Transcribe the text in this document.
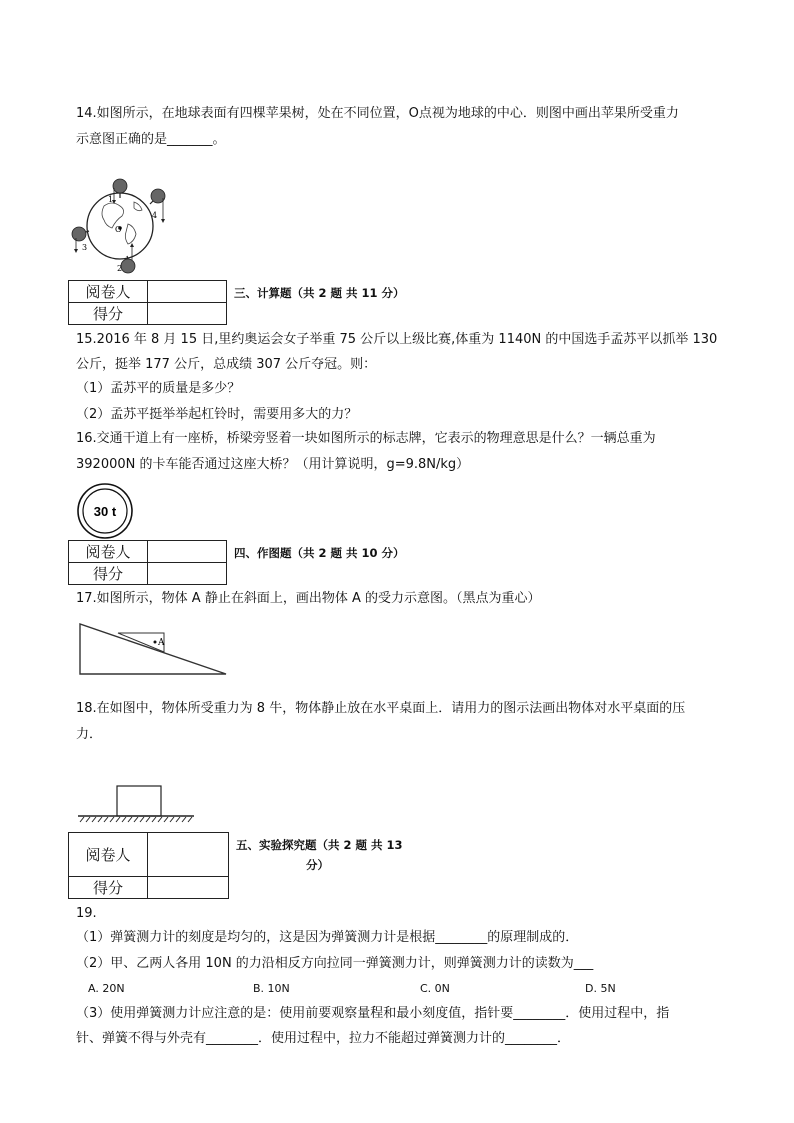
14.如图所示，在地球表面有四棵苹果树，处在不同位置，O点视为地球的中心．则图中画出苹果所受重力
示意图正确的是_______。
O
1
4
3
2
阅卷人	
得分	
三、计算题（共 2 题 共 11 分）
15.2016 年 8 月 15 日,里约奥运会女子举重 75 公斤以上级比赛,体重为 1140N 的中国选手孟苏平以抓举 130
公斤，挺举 177 公斤，总成绩 307 公斤夺冠。则：
（1）孟苏平的质量是多少？
（2）孟苏平挺举举起杠铃时，需要用多大的力？
16.交通干道上有一座桥，桥梁旁竖着一块如图所示的标志牌，它表示的物理意思是什么？一辆总重为
392000N 的卡车能否通过这座大桥？（用计算说明，g=9.8N/kg）
30 t
阅卷人	
得分	
四、作图题（共 2 题 共 10 分）
17.如图所示，物体 A 静止在斜面上，画出物体 A 的受力示意图。（黑点为重心）
A
18.在如图中，物体所受重力为 8 牛，物体静止放在水平桌面上．请用力的图示法画出物体对水平桌面的压
力．
阅卷人	
得分	
五、实验探究题（共 2 题 共 13
分）
19.
（1）弹簧测力计的刻度是均匀的，这是因为弹簧测力计是根据________的原理制成的．
（2）甲、乙两人各用 10N 的力沿相反方向拉同一弹簧测力计，则弹簧测力计的读数为___
A. 20N	B. 10N	C. 0N	D. 5N
（3）使用弹簧测力计应注意的是：使用前要观察量程和最小刻度值，指针要________．使用过程中，指
针、弹簧不得与外壳有________．使用过程中，拉力不能超过弹簧测力计的________．
